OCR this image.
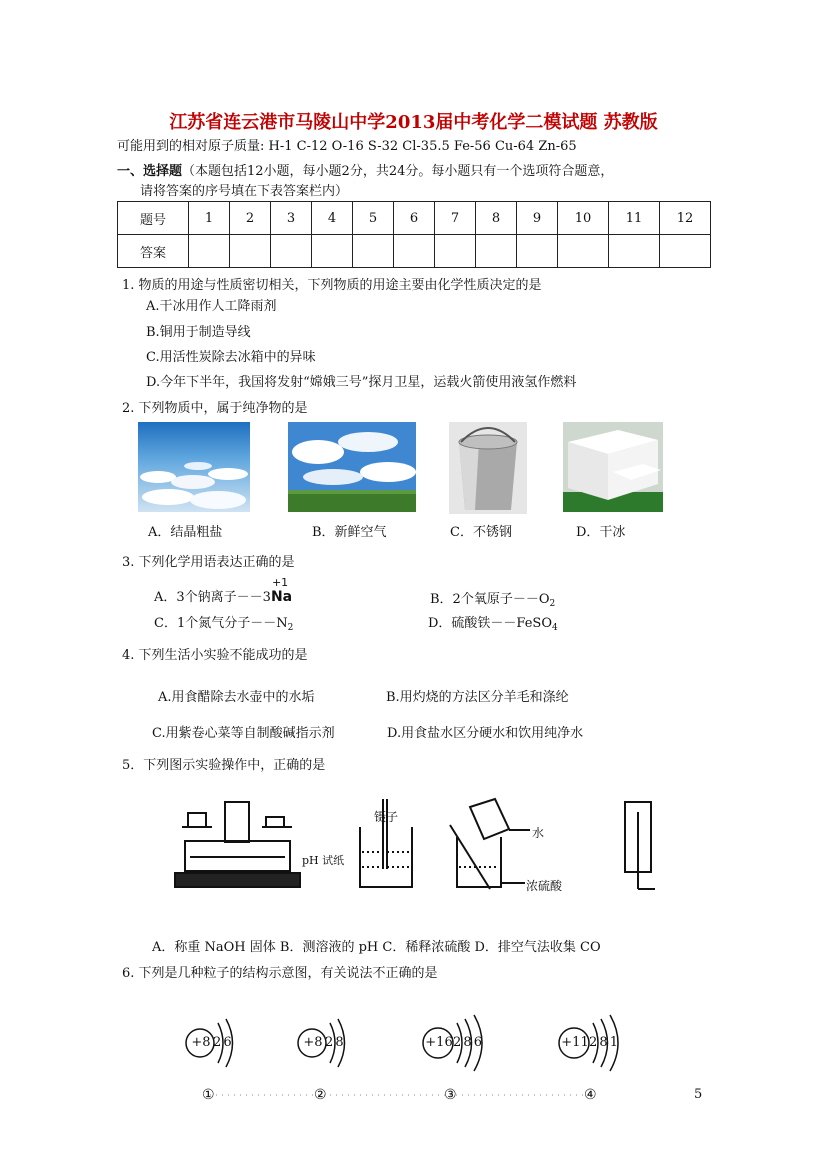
江苏省连云港市马陵山中学2013届中考化学二模试题 苏教版
可能用到的相对原子质量: H-1 C-12 O-16 S-32 Cl-35.5 Fe-56 Cu-64 Zn-65
一、选择题（本题包括12小题，每小题2分，共24分。每小题只有一个选项符合题意，
请将答案的序号填在下表答案栏内）
题号	1	2	3	4	5	6	7	8	9	10	11	12
答案												
1. 物质的用途与性质密切相关，下列物质的用途主要由化学性质决定的是
A.干冰用作人工降雨剂
B.铜用于制造导线
C.用活性炭除去冰箱中的异味
D.今年下半年，我国将发射“嫦娥三号”探月卫星，运载火箭使用液氢作燃料
2. 下列物质中，属于纯净物的是
A．结晶粗盐	B．新鲜空气	C．不锈钢	D．干冰
3. 下列化学用语表达正确的是
A．3个钠离子－－3
+1
Na	B．2个氧原子$--O_2$
C．1个氮气分子$--N_2$	D．硫酸铁－－FeSO$_4$
4. 下列生活小实验不能成功的是
A.用食醋除去水壶中的水垢	B.用灼烧的方法区分羊毛和涤纶
C.用紫卷心菜等自制酸碱指示剂	D.用食盐水区分硬水和饮用纯净水
5．下列图示实验操作中，正确的是
镊子
pH 试纸
水
浓硫酸
A．称重 NaOH 固体 B．测溶液的 pH C．稀释浓硫酸 D．排空气法收集 CO
6. 下列是几种粒子的结构示意图，有关说法不正确的是
+8 2 6
①
+8 2 8
②
+16 2 8 6
③
+11 2 8 1
④	5
